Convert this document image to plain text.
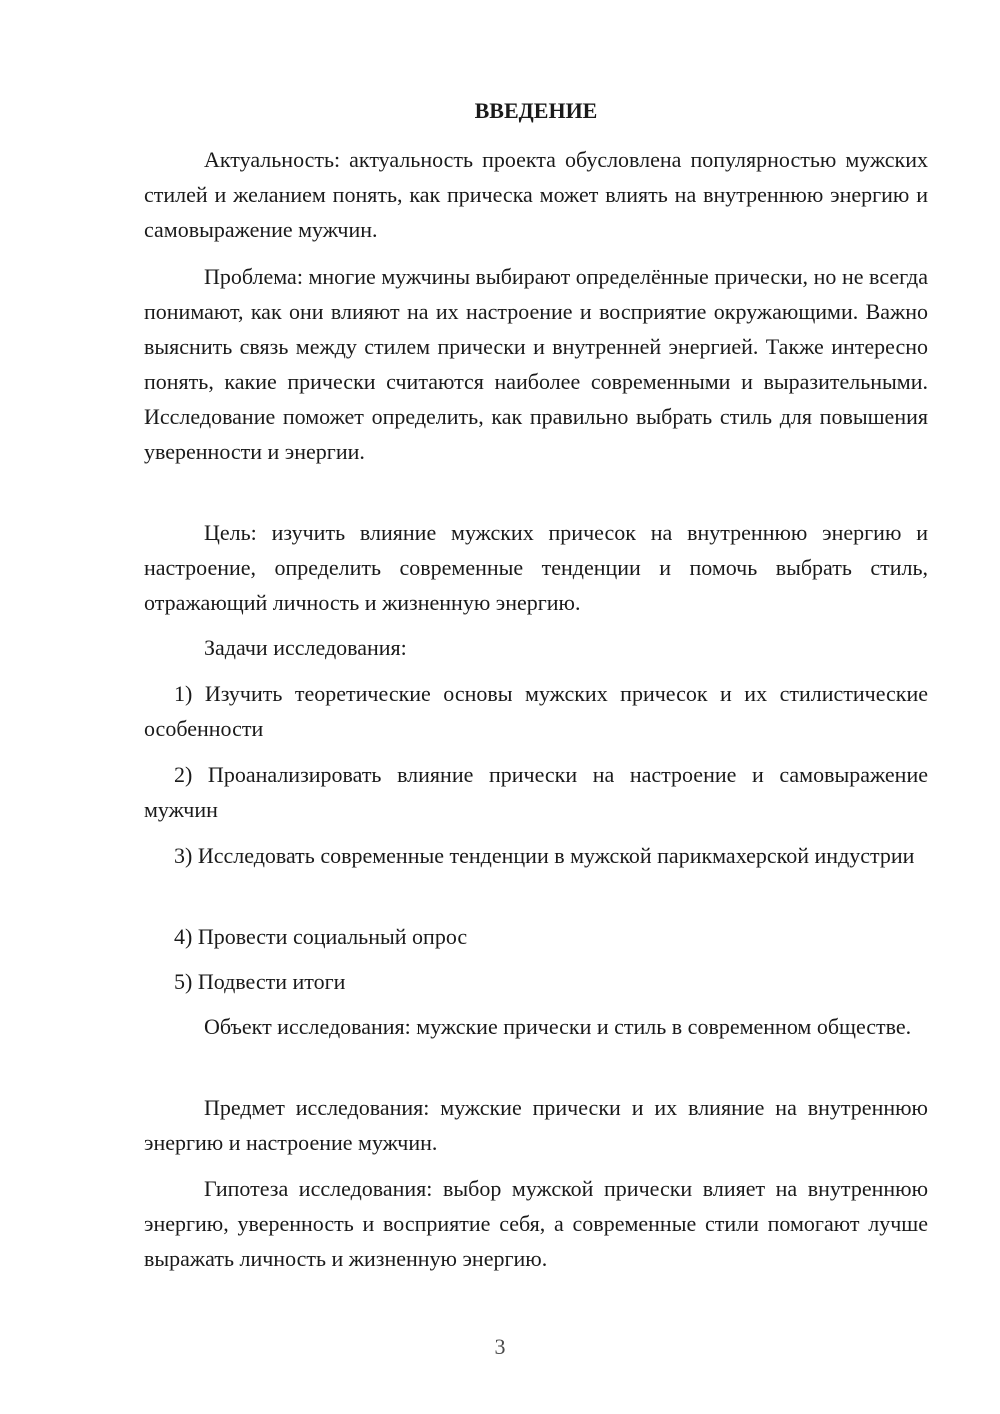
ВВЕДЕНИЕ

Актуальность: актуальность проекта обусловлена популярностью мужских стилей и желанием понять, как прическа может влиять на внутреннюю энергию и самовыражение мужчин.

Проблема: многие мужчины выбирают определённые прически, но не всегда понимают, как они влияют на их настроение и восприятие окружающими. Важно выяснить связь между стилем прически и внутренней энергией. Также интересно понять, какие прически считаются наиболее современными и выразительными. Исследование поможет определить, как правильно выбрать стиль для повышения уверенности и энергии.

Цель: изучить влияние мужских причесок на внутреннюю энергию и настроение, определить современные тенденции и помочь выбрать стиль, отражающий личность и жизненную энергию.

Задачи исследования:

1) Изучить теоретические основы мужских причесок и их стилистические особенности

2) Проанализировать влияние прически на настроение и самовыражение мужчин

3) Исследовать современные тенденции в мужской парикмахерской индустрии

4) Провести социальный опрос

5) Подвести итоги

Объект исследования: мужские прически и стиль в современном обществе.

Предмет исследования: мужские прически и их влияние на внутреннюю энергию и настроение мужчин.

Гипотеза исследования: выбор мужской прически влияет на внутреннюю энергию, уверенность и восприятие себя, а современные стили помогают лучше выражать личность и жизненную энергию.

3
